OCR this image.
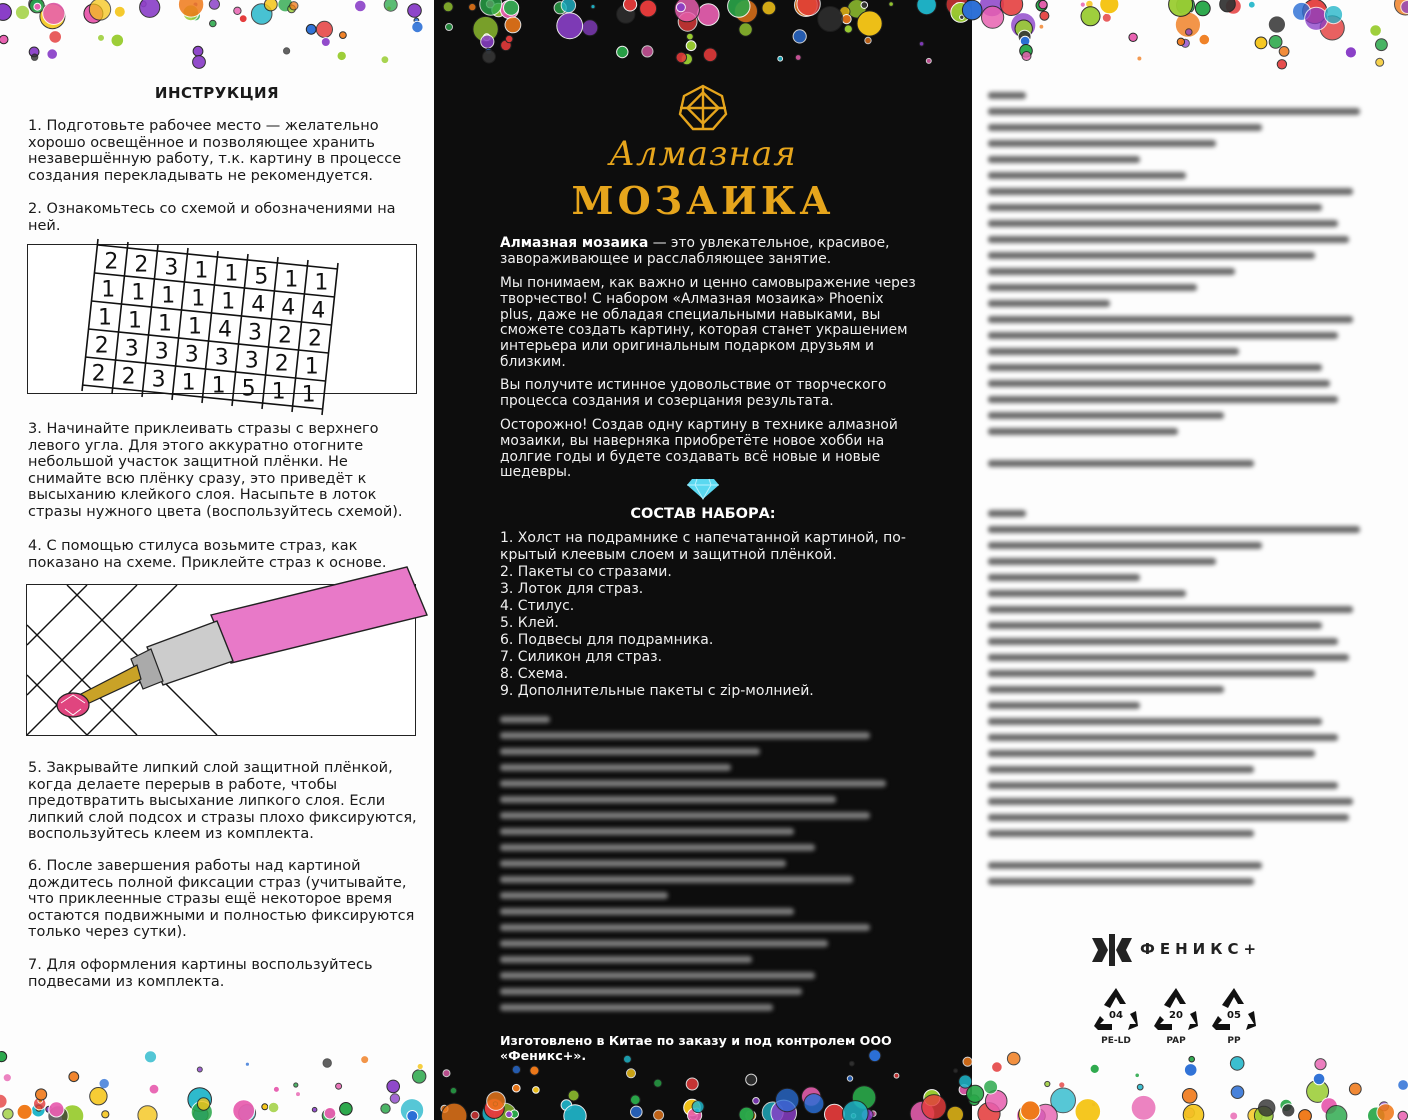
ИНСТРУКЦИЯ
1. Подготовьте рабочее место — желательно хорошо освещённое и позволяющее хранить незавершённую работу, т.к. картину в процессе создания перекладывать не рекомендуется.
2. Ознакомьтесь со схемой и обозначениями на ней.
2 2 3 1 1 5 1 1
1 1 1 1 1 4 4 4
1 1 1 1 4 3 2 2
2 3 3 3 3 3 2 1
2 2 3 1 1 5 1 1
3. Начинайте приклеивать стразы с верхнего левого угла. Для этого аккуратно отогните небольшой участок защитной плёнки. Не снимайте всю плёнку сразу, это приведёт к высыханию клейкого слоя. Насыпьте в лоток стразы нужного цвета (воспользуйтесь схемой).
4. С помощью стилуса возьмите страз, как показано на схеме. Приклейте страз к основе.
5. Закрывайте липкий слой защитной плёнкой, когда делаете перерыв в работе, чтобы предотвратить высыхание липкого слоя. Если липкий слой подсох и стразы плохо фиксируются, воспользуйтесь клеем из комплекта.
6. После завершения работы над картиной дождитесь полной фиксации страз (учитывайте, что приклеенные стразы ещё некоторое время остаются подвижными и полностью фиксируются только через сутки).
7. Для оформления картины воспользуйтесь подвесами из комплекта.
Алмазная
МОЗАИКА
Алмазная мозаика — это увлекательное, красивое, завораживающее и расслабляющее занятие.
Мы понимаем, как важно и ценно самовыражение через творчество! С набором «Алмазная мозаика» Phoenix plus, даже не обладая специальными навыками, вы сможете создать картину, которая станет украшением интерьера или оригинальным подарком друзьям и близким.
Вы получите истинное удовольствие от творческого процесса создания и созерцания результата.
Осторожно! Создав одну картину в технике алмазной мозаики, вы наверняка приобретёте новое хобби на долгие годы и будете создавать всё новые и новые шедевры.
СОСТАВ НАБОРА:
1. Холст на подрамнике с напечатанной картиной, по-
крытый клеевым слоем и защитной плёнкой.
2. Пакеты со стразами.
3. Лоток для страз.
4. Стилус.
5. Клей.
6. Подвесы для подрамника.
7. Силикон для страз.
8. Схема.
9. Дополнительные пакеты с zip-молнией.
Изготовлено в Китае по заказу и под контролем ООО «Феникс+».
ФЕНИКС+
04
PE-LD
20
PAP
05
PP
